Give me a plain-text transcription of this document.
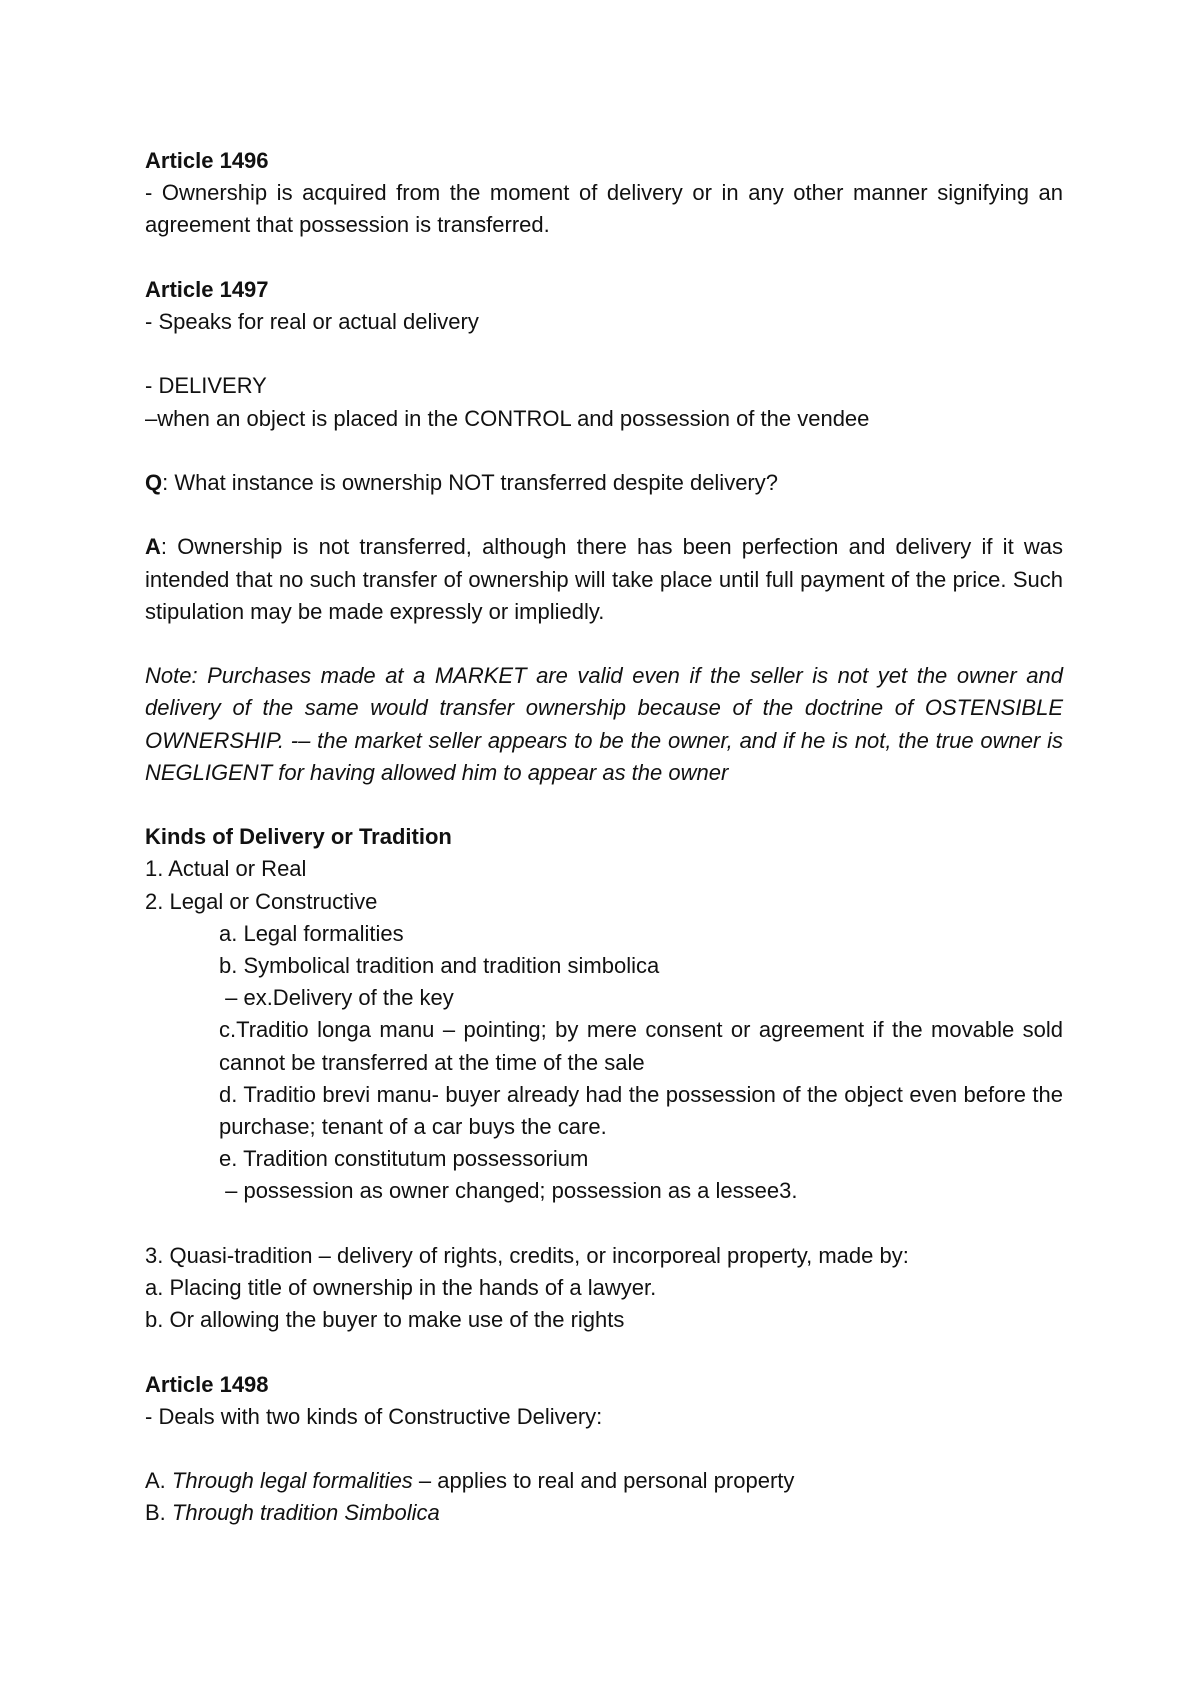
Article 1496

- Ownership is acquired from the moment of delivery or in any other manner signifying an agreement that possession is transferred.

Article 1497

- Speaks for real or actual delivery

- DELIVERY

–when an object is placed in the CONTROL and possession of the vendee

Q: What instance is ownership NOT transferred despite delivery?

A: Ownership is not transferred, although there has been perfection and delivery if it was intended that no such transfer of ownership will take place until full payment of the price. Such stipulation may be made expressly or impliedly.

Note: Purchases made at a MARKET are valid even if the seller is not yet the owner and delivery of the same would transfer ownership because of the doctrine of OSTENSIBLE OWNERSHIP. -– the market seller appears to be the owner, and if he is not, the true owner is NEGLIGENT for having allowed him to appear as the owner

Kinds of Delivery or Tradition

1. Actual or Real

2. Legal or Constructive

a. Legal formalities

b. Symbolical tradition and tradition simbolica

– ex.Delivery of the key

c.Traditio longa manu – pointing; by mere consent or agreement if the movable sold cannot be transferred at the time of the sale

d. Traditio brevi manu- buyer already had the possession of the object even before the purchase; tenant of a car buys the care.

e. Tradition constitutum possessorium

– possession as owner changed; possession as a lessee3.

3. Quasi-tradition – delivery of rights, credits, or incorporeal property, made by:

a. Placing title of ownership in the hands of a lawyer.

b. Or allowing the buyer to make use of the rights

Article 1498

- Deals with two kinds of Constructive Delivery:

A. Through legal formalities – applies to real and personal property

B. Through tradition Simbolica
